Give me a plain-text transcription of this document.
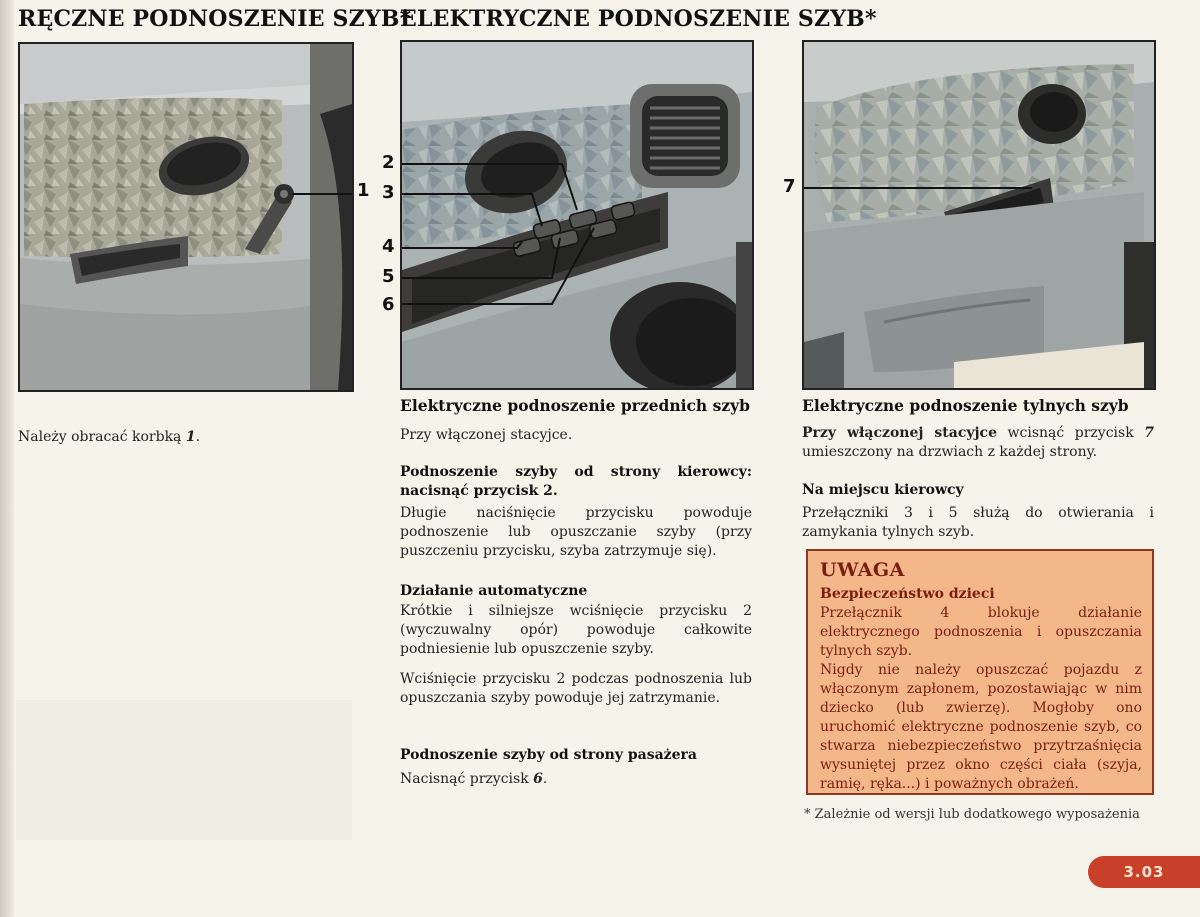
RĘCZNE PODNOSZENIE SZYB*
1
Należy obracać korbką 1.
ELEKTRYCZNE PODNOSZENIE SZYB*
2
3
4
5
6
Elektryczne podnoszenie przednich szyb
Przy włączonej stacyjce.
Podnoszenie szyby od strony kierowcy: nacisnąć przycisk 2.
Długie naciśnięcie przycisku powoduje podnoszenie lub opuszczanie szyby (przy puszczeniu przycisku, szyba zatrzymuje się).
Działanie automatyczne
Krótkie i silniejsze wciśnięcie przycisku 2 (wyczuwalny opór) powoduje całkowite podniesienie lub opuszczenie szyby.
Wciśnięcie przycisku 2 podczas podnoszenia lub opuszczania szyby powoduje jej zatrzymanie.
Podnoszenie szyby od strony pasażera
Nacisnąć przycisk 6.
7
Elektryczne podnoszenie tylnych szyb
Przy włączonej stacyjce wcisnąć przycisk 7 umieszczony na drzwiach z każdej strony.
Na miejscu kierowcy
Przełączniki 3 i 5 służą do otwierania i zamykania tylnych szyb.
UWAGA
Bezpieczeństwo dzieci
Przełącznik 4 blokuje działanie elektrycznego podnoszenia i opuszczania tylnych szyb.
Nigdy nie należy opuszczać pojazdu z włączonym zapłonem, pozostawiając w nim dziecko (lub zwierzę). Mogłoby ono uruchomić elektryczne podnoszenie szyb, co stwarza niebezpieczeństwo przytrzaśnięcia wysuniętej przez okno części ciała (szyja, ramię, ręka...) i poważnych obrażeń.
* Zależnie od wersji lub dodatkowego wyposażenia
3.03
